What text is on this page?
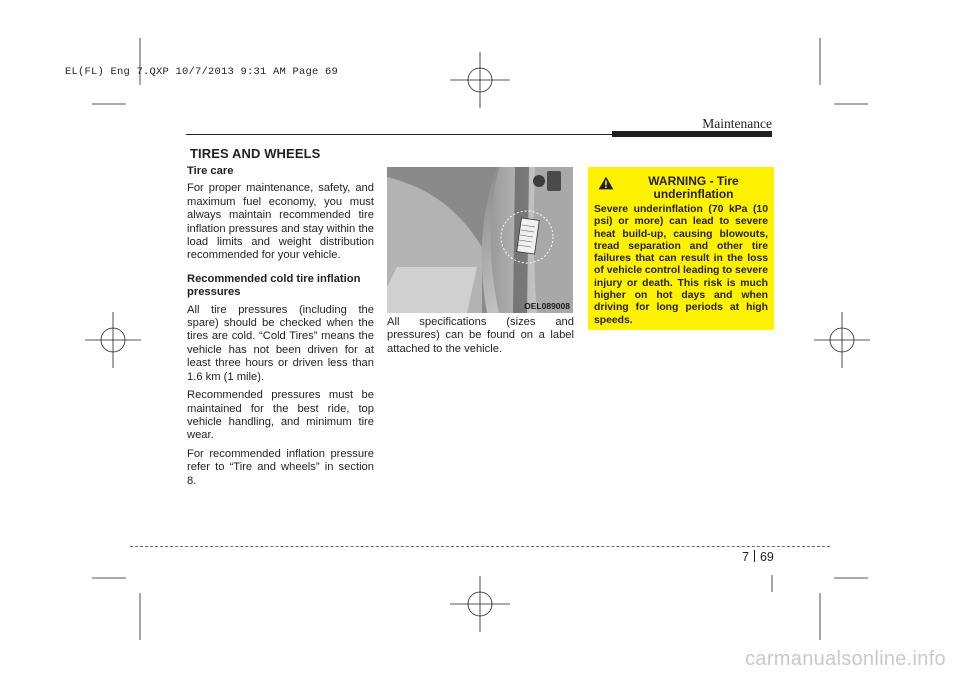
EL(FL) Eng 7.QXP 10/7/2013 9:31 AM Page 69
Maintenance
TIRES AND WHEELS
Tire care

For proper maintenance, safety, and maximum fuel economy, you must always maintain recommended tire inflation pressures and stay within the load limits and weight distribution recommended for your vehicle.

Recommended cold tire inflation pressures

All tire pressures (including the spare) should be checked when the tires are cold. “Cold Tires” means the vehicle has not been driven for at least three hours or driven less than 1.6 km (1 mile).

Recommended pressures must be maintained for the best ride, top vehicle handling, and minimum tire wear.

For recommended inflation pressure refer to “Tire and wheels” in section 8.

OEL089008

All specifications (sizes and pressures) can be found on a label attached to the vehicle.

WARNING - Tire underinflation
Severe underinflation (70 kPa (10 psi) or more) can lead to severe heat build-up, causing blowouts, tread separation and other tire failures that can result in the loss of vehicle control leading to severe injury or death. This risk is much higher on hot days and when driving for long periods at high speeds.
7 69
carmanualsonline.info
